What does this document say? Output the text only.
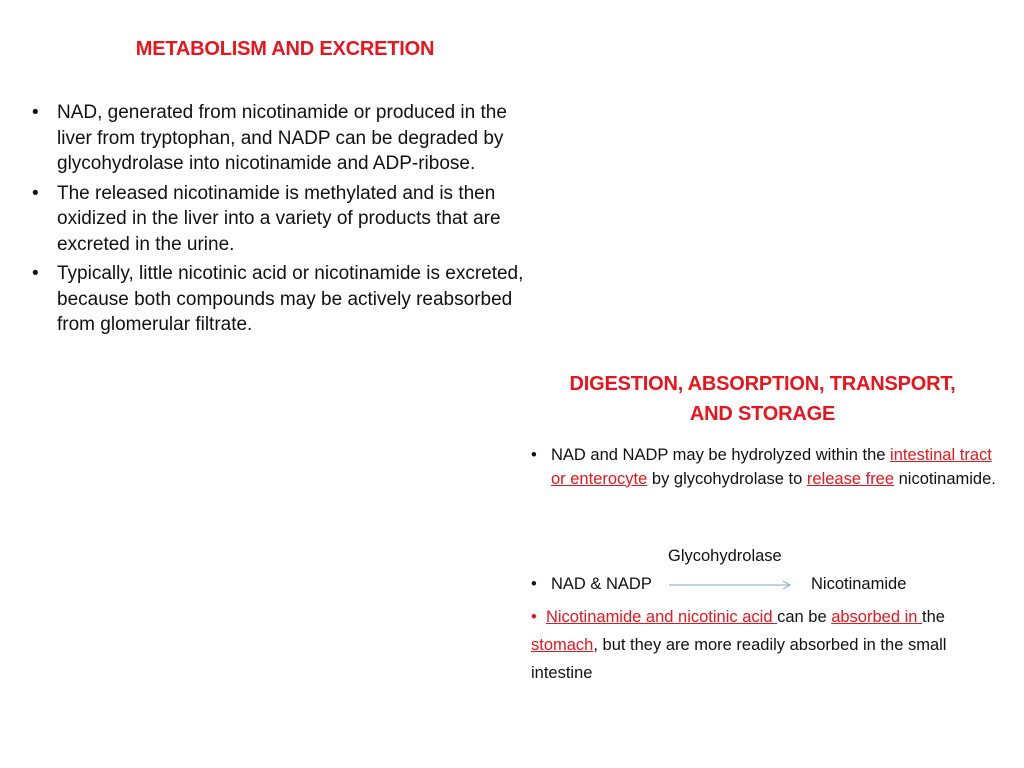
METABOLISM AND EXCRETION
• NAD, generated from nicotinamide or produced in the liver from tryptophan, and NADP can be degraded by glycohydrolase into nicotinamide and ADP-ribose.
• The released nicotinamide is methylated and is then oxidized in the liver into a variety of products that are excreted in the urine.
• Typically, little nicotinic acid or nicotinamide is excreted, because both compounds may be actively reabsorbed from glomerular filtrate.
DIGESTION, ABSORPTION, TRANSPORT,
AND STORAGE
• NAD and NADP may be hydrolyzed within the intestinal tract or enterocyte by glycohydrolase to release free nicotinamide.
Glycohydrolase
• NAD & NADP	Nicotinamide
• Nicotinamide and nicotinic acid can be absorbed in the stomach, but they are more readily absorbed in the small intestine
